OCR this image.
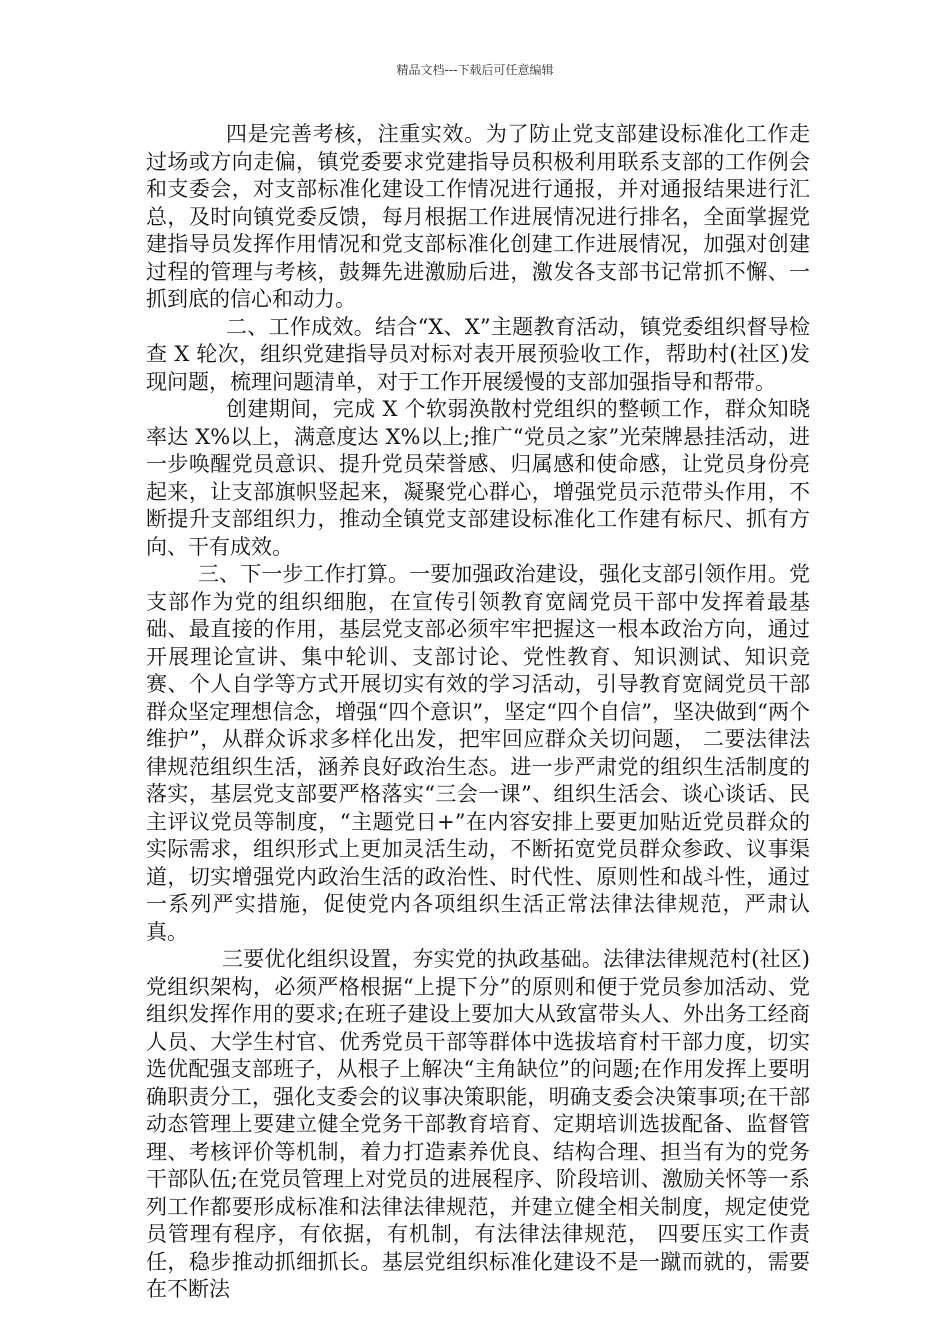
精品文档---下载后可任意编辑

四是完善考核，注重实效。为了防止党支部建设标准化工作走过场或方向走偏，镇党委要求党建指导员积极利用联系支部的工作例会和支委会，对支部标准化建设工作情况进行通报，并对通报结果进行汇总，及时向镇党委反馈，每月根据工作进展情况进行排名，全面掌握党建指导员发挥作用情况和党支部标准化创建工作进展情况，加强对创建过程的管理与考核，鼓舞先进激励后进，激发各支部书记常抓不懈、一抓到底的信心和动力。

二、工作成效。结合“X、X”主题教育活动，镇党委组织督导检查 X 轮次，组织党建指导员对标对表开展预验收工作，帮助村(社区)发现问题，梳理问题清单，对于工作开展缓慢的支部加强指导和帮带。

创建期间，完成 X 个软弱涣散村党组织的整顿工作，群众知晓率达 X%以上，满意度达 X%以上;推广“党员之家”光荣牌悬挂活动，进一步唤醒党员意识、提升党员荣誉感、归属感和使命感，让党员身份亮起来，让支部旗帜竖起来，凝聚党心群心，增强党员示范带头作用，不断提升支部组织力，推动全镇党支部建设标准化工作建有标尺、抓有方向、干有成效。

三、下一步工作打算。一要加强政治建设，强化支部引领作用。党支部作为党的组织细胞，在宣传引领教育宽阔党员干部中发挥着最基础、最直接的作用，基层党支部必须牢牢把握这一根本政治方向，通过开展理论宣讲、集中轮训、支部讨论、党性教育、知识测试、知识竞赛、个人自学等方式开展切实有效的学习活动，引导教育宽阔党员干部群众坚定理想信念，增强“四个意识”，坚定“四个自信”，坚决做到“两个维护”，从群众诉求多样化出发，把牢回应群众关切问题， 二要法律法律规范组织生活，涵养良好政治生态。进一步严肃党的组织生活制度的落实，基层党支部要严格落实“三会一课”、组织生活会、谈心谈话、民主评议党员等制度，“主题党日+”在内容安排上要更加贴近党员群众的实际需求，组织形式上更加灵活生动，不断拓宽党员群众参政、议事渠道，切实增强党内政治生活的政治性、时代性、原则性和战斗性，通过一系列严实措施，促使党内各项组织生活正常法律法律规范，严肃认真。

三要优化组织设置，夯实党的执政基础。法律法律规范村(社区)党组织架构，必须严格根据“上提下分”的原则和便于党员参加活动、党组织发挥作用的要求;在班子建设上要加大从致富带头人、外出务工经商人员、大学生村官、优秀党员干部等群体中选拔培育村干部力度，切实选优配强支部班子，从根子上解决“主角缺位”的问题;在作用发挥上要明确职责分工，强化支委会的议事决策职能，明确支委会决策事项;在干部动态管理上要建立健全党务干部教育培育、定期培训选拔配备、监督管理、考核评价等机制，着力打造素养优良、结构合理、担当有为的党务干部队伍;在党员管理上对党员的进展程序、阶段培训、激励关怀等一系列工作都要形成标准和法律法律规范，并建立健全相关制度，规定使党员管理有程序，有依据，有机制，有法律法律规范， 四要压实工作责任，稳步推动抓细抓长。基层党组织标准化建设不是一蹴而就的，需要在不断法
